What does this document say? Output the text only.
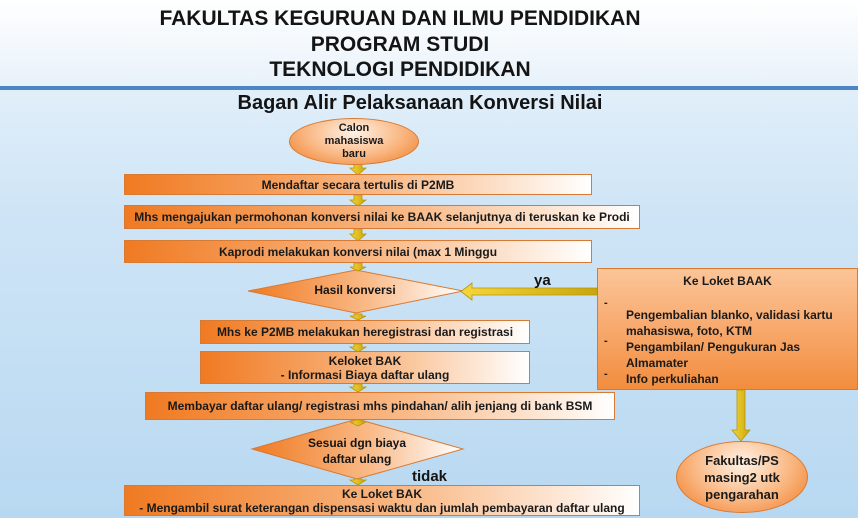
FAKULTAS KEGURUAN DAN ILMU PENDIDIKAN
PROGRAM STUDI
TEKNOLOGI PENDIDIKAN
Bagan Alir Pelaksanaan Konversi Nilai
Calon
mahasiswa
baru
Mendaftar secara tertulis di P2MB
Mhs mengajukan permohonan konversi nilai ke BAAK selanjutnya di teruskan ke Prodi
Kaprodi melakukan konversi nilai (max 1 Minggu
Hasil konversi
ya
Mhs ke P2MB melakukan heregistrasi dan registrasi
Keloket BAK
- Informasi Biaya daftar ulang
Membayar daftar ulang/ registrasi mhs pindahan/ alih jenjang di bank BSM
Sesuai dgn biaya
daftar ulang
tidak
Ke Loket BAK
- Mengambil surat keterangan dispensasi waktu dan jumlah pembayaran daftar ulang
Ke Loket BAAK
-
Pengembalian blanko, validasi kartu mahasiswa, foto, KTM
- Pengambilan/ Pengukuran Jas Almamater
- Info perkuliahan
Fakultas/PS
masing2 utk
pengarahan
